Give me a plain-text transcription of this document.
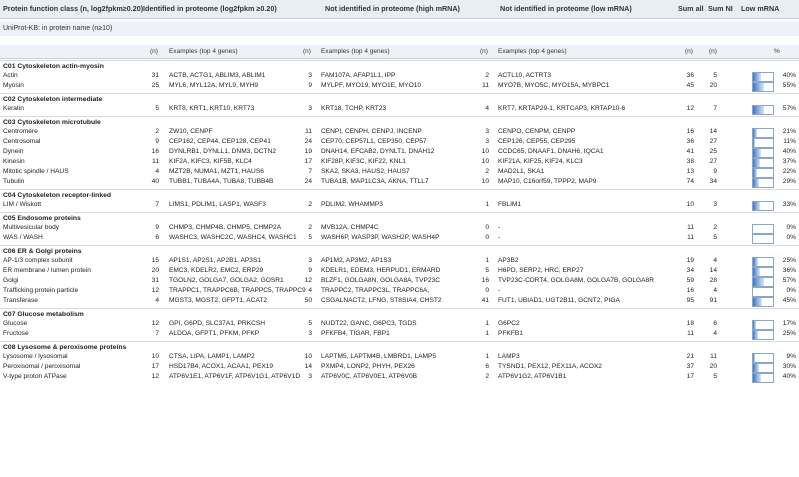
Protein function class (n, log2fpkm≥0.20) Identified in proteome (log2fpkm ≥0.20)	Not identified in proteome (high mRNA)	Not identified in proteome (low mRNA)	Sum all Sum NI Low mRNA
UniProt-KB: in protein name (n≥10)
(n) Examples (top 4 genes)	(n) Examples (top 4 genes)	(n) Examples (top 4 genes)	(n) (n)	%
C01 Cytoskeleton actin-myosin
Actin	31 ACTB, ACTG1, ABLIM3, ABLIM1	3 FAM107A, AFAP1L1, IPP	2 ACTL10, ACTRT3	36	5	40%
Myosin	25 MYL6, MYL12A, MYL9, MYH9	9 MYLPF, MYO19, MYO1E, MYO10	11 MYO7B, MYO5C, MYO15A, MYBPC1	45	20	55%
C02 Cytoskeleton intermediate
Keratin	5 KRT8, KRT1, KRT10, KRT73	3 KRT18, TCHP, KRT23	4 KRT7, KRTAP29-1, KRTCAP3, KRTAP10-6	12	7	57%
C03 Cytoskeleton microtubule
Centromere	2 ZW10, CENPF	11 CENPI, CENPH, CENPJ, INCENP	3 CENPO, CENPM, CENPP	16	14	21%
Centrosomal	9 CEP162, CEP44, CEP128, CEP41	24 CEP70, CEP57L1, CEP350, CEP57	3 CEP126, CEP55, CEP295	36	27	11%
Dynein	16 DYNLRB1, DYNLL1, DNM3, DCTN2	19 DNAH14, EFCAB2, DYNLT1, DNAH12	10 CCDC65, DNAAF1, DNAH6, IQCA1	41	25	40%
Kinesin	11 KIF2A, KIFC3, KIF5B, KLC4	17 KIF28P, KIF3C, KIF22, KNL1	10 KIF21A, KIF25, KIF24, KLC3	38	27	37%
Mitotic spindle / HAUS	4 MZT2B, NUMA1, MZT1, HAUS6	7 SKA2, SKA3, HAUS2, HAUS7	2 MAD2L1, SKA1	13	9	22%
Tubulin	40 TUBB1, TUBA4A, TUBA8, TUBB4B	24 TUBA1B, MAP1LC3A, AKNA, TTLL7	10 MAP10, C16orf59, TPPP2, MAP9	74	34	29%
C04 Cytoskeleton receptor-linked
LIM / Wiskott	7 LIMS1, PDLIM1, LASP1, WASF3	2 PDLIM2, WHAMMP3	1 FBLIM1	10	3	33%
C05 Endosome proteins
Multivesicular body	9 CHMP3, CHMP4B, CHMP5, CHMP2A	2 MVB12A, CHMP4C	0 -	11	2	0%
WAS / WASH	6 WASHC3, WASHC2C, WASHC4, WASHC1	5 WASH6P, WASP3P, WASH2P, WASH4P	0 -	11	5	0%
C06 ER & Golgi proteins
AP-1/3 complex subunit	15 AP1S1, AP2S1, AP2B1, AP3S1	3 AP1M2, AP3M2, AP1S3	1 AP3B2	19	4	25%
ER membrane / lumen protein	20 EMC3, KDELR2, EMC2, ERP29	9 KDELR1, EDEM3, HERPUD1, ERMARD	5 H6PD, SERP2, HRC, ERP27	34	14	36%
Golgi	31 TGOLN2, GOLGA7, GOLGA2, GOSR1	12 BLZF1, GOLGA8N, GOLGA8A, TVP23C	16 TVP23C-CDRT4, GOLGA8M, GOLGA7B, GOLGA8R	59	28	57%
Trafficking protein particle	12 TRAPPC1, TRAPPC6B, TRAPPC5, TRAPPC9 4 TRAPPC2, TRAPPC3L, TRAPPC6A,	0 -	16	4	0%
Transferase	4 MGST3, MGST2, GFPT1, ACAT2	50 CSGALNACT2, LFNG, ST8SIA4, CHST2	41 FUT1, UBIAD1, UGT2B11, GCNT2, PIGA	95	91	45%
C07 Glucose metabolism
Glucose	12 GPI, G6PD, SLC37A1, PRKCSH	5 NUDT22, GANC, G6PC3, TGDS	1 G6PC2	18	6	17%
Fructose	7 ALDOA, GFPT1, PFKM, PFKP	3 PFKFB4, TIGAR, FBP1	1 PFKFB1	11	4	25%
C08 Lysosome & peroxisome proteins
Lysosome / lysosomal	10 CTSA, LIPA, LAMP1, LAMP2	10 LAPTM5, LAPTM4B, LMBRD1, LAMP5	1 LAMP3	21	11	9%
Peroxisomal / peroxisomal	17 HSD17B4, ACOX1, ACAA1, PEX19	14 PXMP4, LONP2, PHYH, PEX26	6 TYSND1, PEX12, PEX11A, ACOX2	37	20	30%
V-type proton ATPase	12 ATP6V1E1, ATP6V1F, ATP6V1G1, ATP6V1D	3 ATP6V0C, ATP6V0E1, ATP6V0B	2 ATP6V1G2, ATP6V1B1	17	5	40%
